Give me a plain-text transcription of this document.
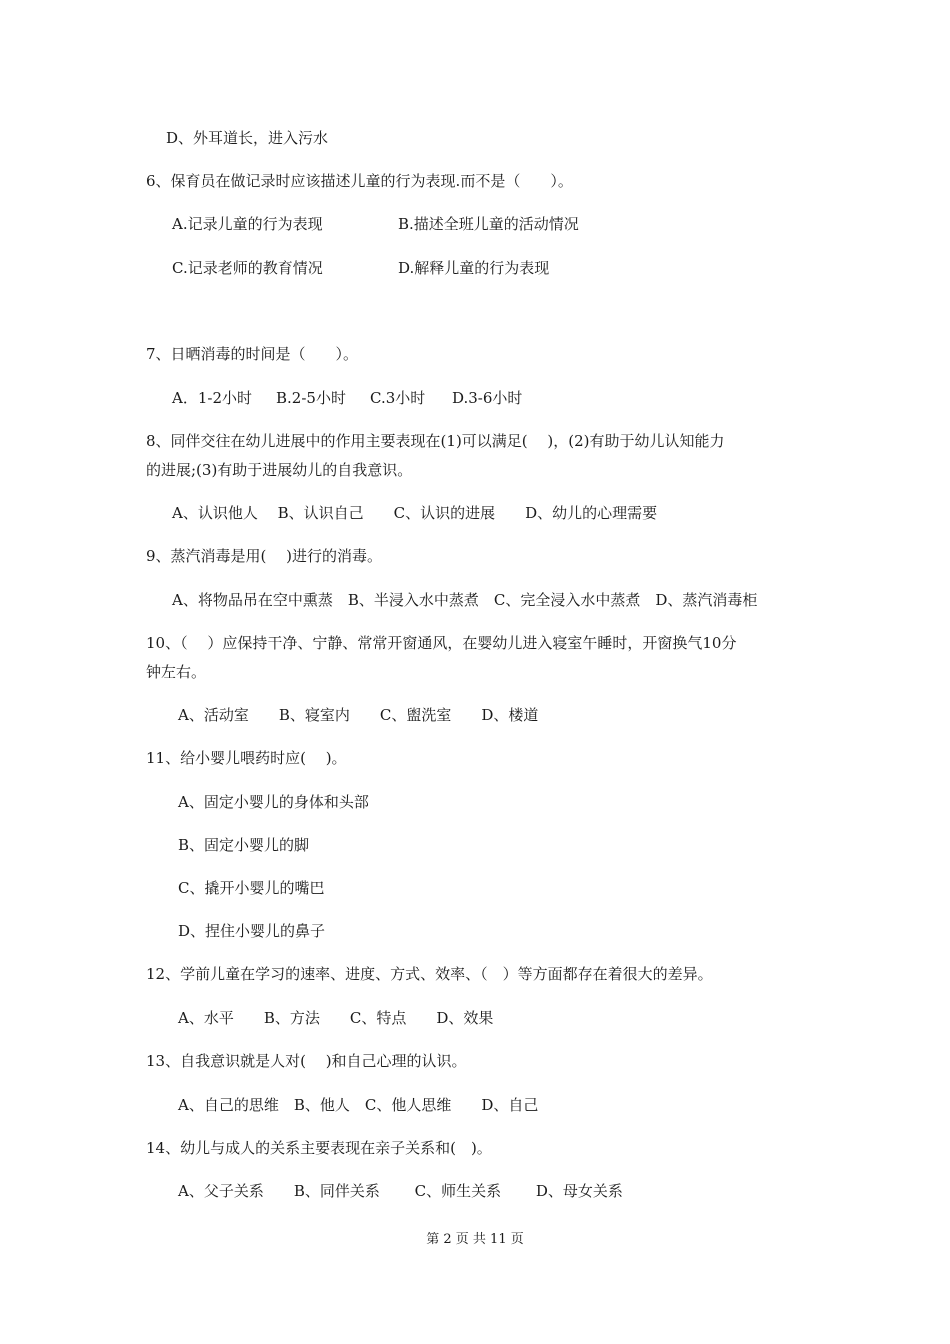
D、外耳道长，进入污水
6、保育员在做记录时应该描述儿童的行为表现.而不是（　　）。
A.记录儿童的行为表现	B.描述全班儿童的活动情况
C.记录老师的教育情况	D.解释儿童的行为表现
7、日晒消毒的时间是（　　）。
A．1-2小时 B.2-5小时 C.3小时 D.3-6小时
8、同伴交往在幼儿进展中的作用主要表现在(1)可以满足(　 )，(2)有助于幼儿认知能力
的进展;(3)有助于进展幼儿的自我意识。
A、认识他人　 B、认识自己　　C、认识的进展　　D、幼儿的心理需要
9、蒸汽消毒是用(　 )进行的消毒。
A、将物品吊在空中熏蒸　B、半浸入水中蒸煮　C、完全浸入水中蒸煮　D、蒸汽消毒柜
10、（　 ）应保持干净、宁静、常常开窗通风，在婴幼儿进入寝室午睡时，开窗换气10分
钟左右。
A、活动室　　B、寝室内　　C、盥洗室　　D、楼道
11、给小婴儿喂药时应(　 )。
A、固定小婴儿的身体和头部
B、固定小婴儿的脚
C、撬开小婴儿的嘴巴
D、捏住小婴儿的鼻子
12、学前儿童在学习的速率、进度、方式、效率、（　）等方面都存在着很大的差异。
A、水平　　B、方法　　C、特点　　D、效果
13、自我意识就是人对(　 )和自己心理的认识。
A、自己的思维　B、他人　C、他人思维　　D、自己
14、幼儿与成人的关系主要表现在亲子关系和(　)。
A、父子关系　　B、同伴关系　　 C、师生关系　　 D、母女关系
第 2 页 共 11 页
